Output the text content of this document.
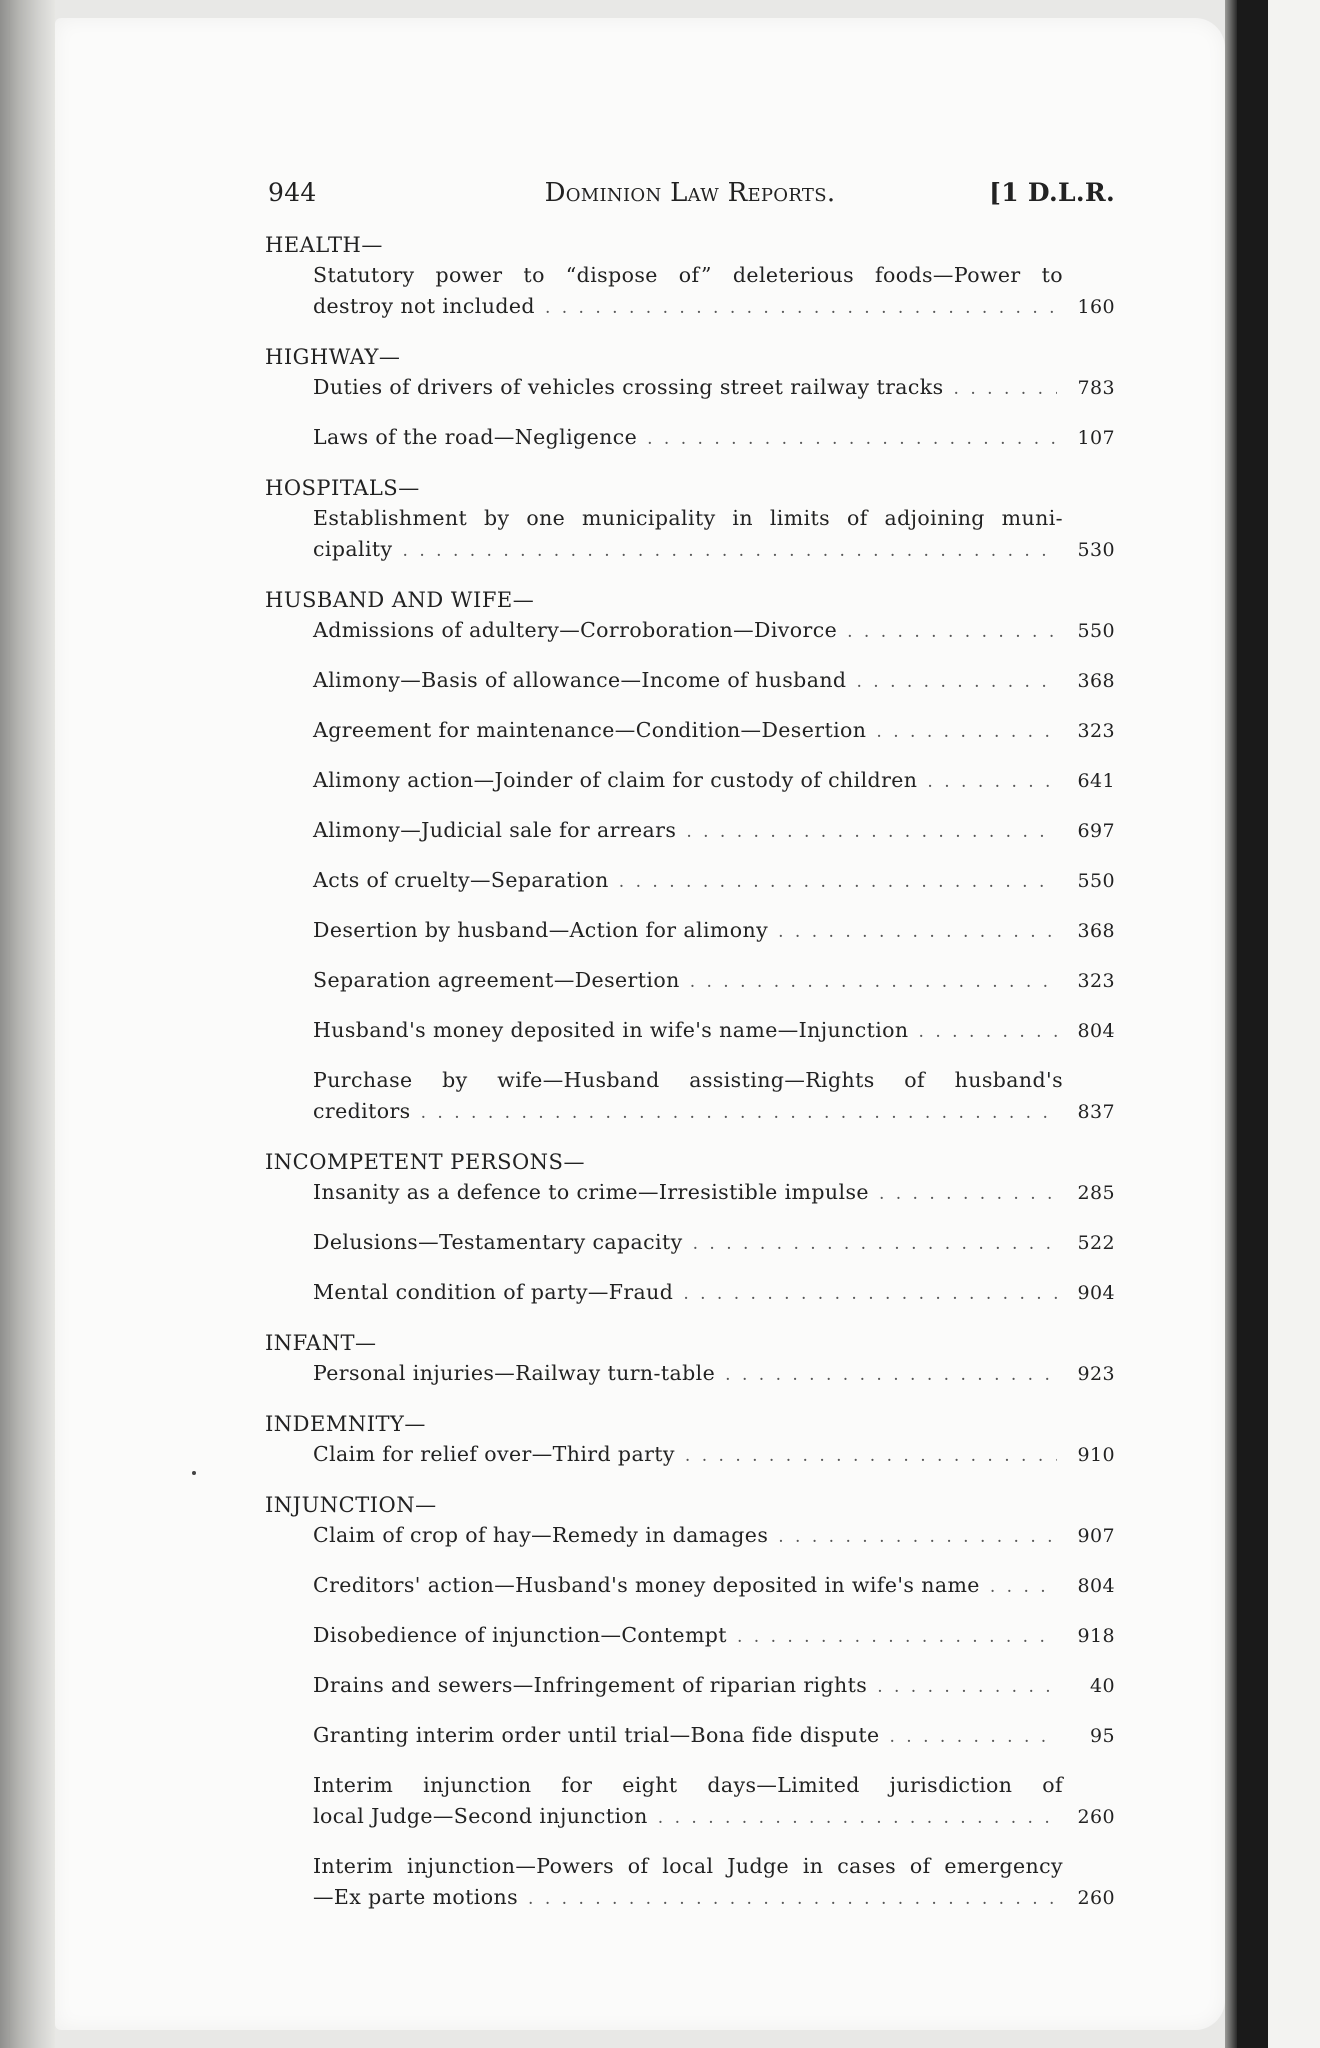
944	Dominion Law Reports.	[1 D.L.R.
HEALTH—
Statutory power to “dispose of” deleterious foods—Power to
destroy not included . . .	160
HIGHWAY—
Duties of drivers of vehicles crossing street railway tracks . . .	783
Laws of the road—Negligence . . .	107
HOSPITALS—
Establishment by one municipality in limits of adjoining muni-
cipality . . .	530
HUSBAND AND WIFE—
Admissions of adultery—Corroboration—Divorce . . .	550
Alimony—Basis of allowance—Income of husband . . .	368
Agreement for maintenance—Condition—Desertion . . .	323
Alimony action—Joinder of claim for custody of children . . .	641
Alimony—Judicial sale for arrears . . .	697
Acts of cruelty—Separation . . .	550
Desertion by husband—Action for alimony . . .	368
Separation agreement—Desertion . . .	323
Husband's money deposited in wife's name—Injunction . . .	804
Purchase by wife—Husband assisting—Rights of husband's
creditors . . .	837
INCOMPETENT PERSONS—
Insanity as a defence to crime—Irresistible impulse . . .	285
Delusions—Testamentary capacity . . .	522
Mental condition of party—Fraud . . .	904
INFANT—
Personal injuries—Railway turn-table . . .	923
INDEMNITY—
Claim for relief over—Third party . . .	910
INJUNCTION—
Claim of crop of hay—Remedy in damages . . .	907
Creditors' action—Husband's money deposited in wife's name . . .	804
Disobedience of injunction—Contempt . . .	918
Drains and sewers—Infringement of riparian rights . . .	40
Granting interim order until trial—Bona fide dispute . . .	95
Interim injunction for eight days—Limited jurisdiction of
local Judge—Second injunction . . .	260
Interim injunction—Powers of local Judge in cases of emergency
—Ex parte motions . . .	260
